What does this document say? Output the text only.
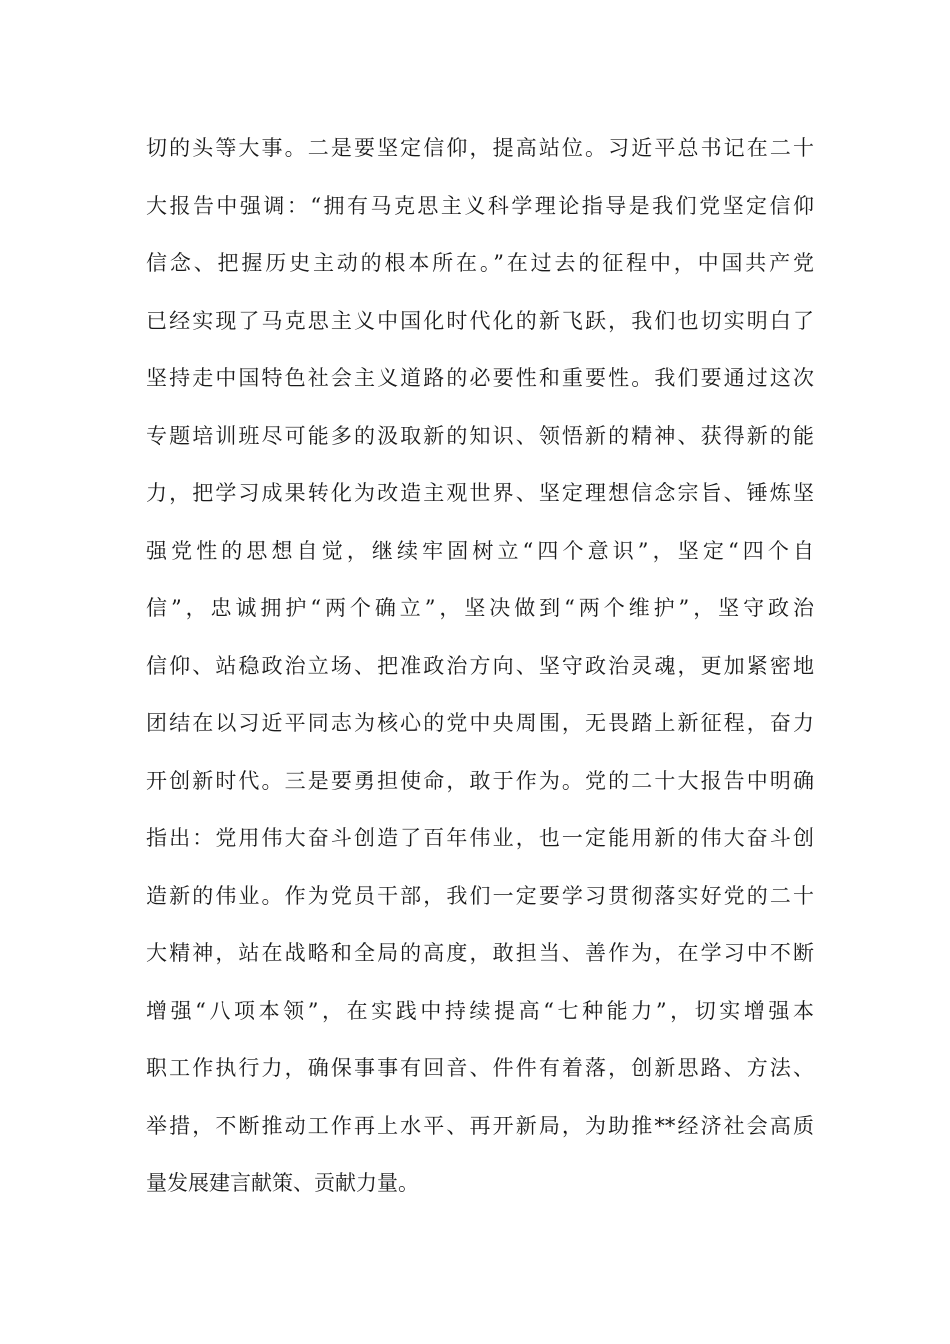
切的头等大事。二是要坚定信仰，提高站位。习近平总书记在二十
大报告中强调：“拥有马克思主义科学理论指导是我们党坚定信仰
信念、把握历史主动的根本所在。”在过去的征程中，中国共产党
已经实现了马克思主义中国化时代化的新飞跃，我们也切实明白了
坚持走中国特色社会主义道路的必要性和重要性。我们要通过这次
专题培训班尽可能多的汲取新的知识、领悟新的精神、获得新的能
力，把学习成果转化为改造主观世界、坚定理想信念宗旨、锤炼坚
强党性的思想自觉，继续牢固树立“四个意识”，坚定“四个自
信”，忠诚拥护“两个确立”，坚决做到“两个维护”，坚守政治
信仰、站稳政治立场、把准政治方向、坚守政治灵魂，更加紧密地
团结在以习近平同志为核心的党中央周围，无畏踏上新征程，奋力
开创新时代。三是要勇担使命，敢于作为。党的二十大报告中明确
指出：党用伟大奋斗创造了百年伟业，也一定能用新的伟大奋斗创
造新的伟业。作为党员干部，我们一定要学习贯彻落实好党的二十
大精神，站在战略和全局的高度，敢担当、善作为，在学习中不断
增强“八项本领”，在实践中持续提高“七种能力”，切实增强本
职工作执行力，确保事事有回音、件件有着落，创新思路、方法、
举措，不断推动工作再上水平、再开新局，为助推**经济社会高质
量发展建言献策、贡献力量。
